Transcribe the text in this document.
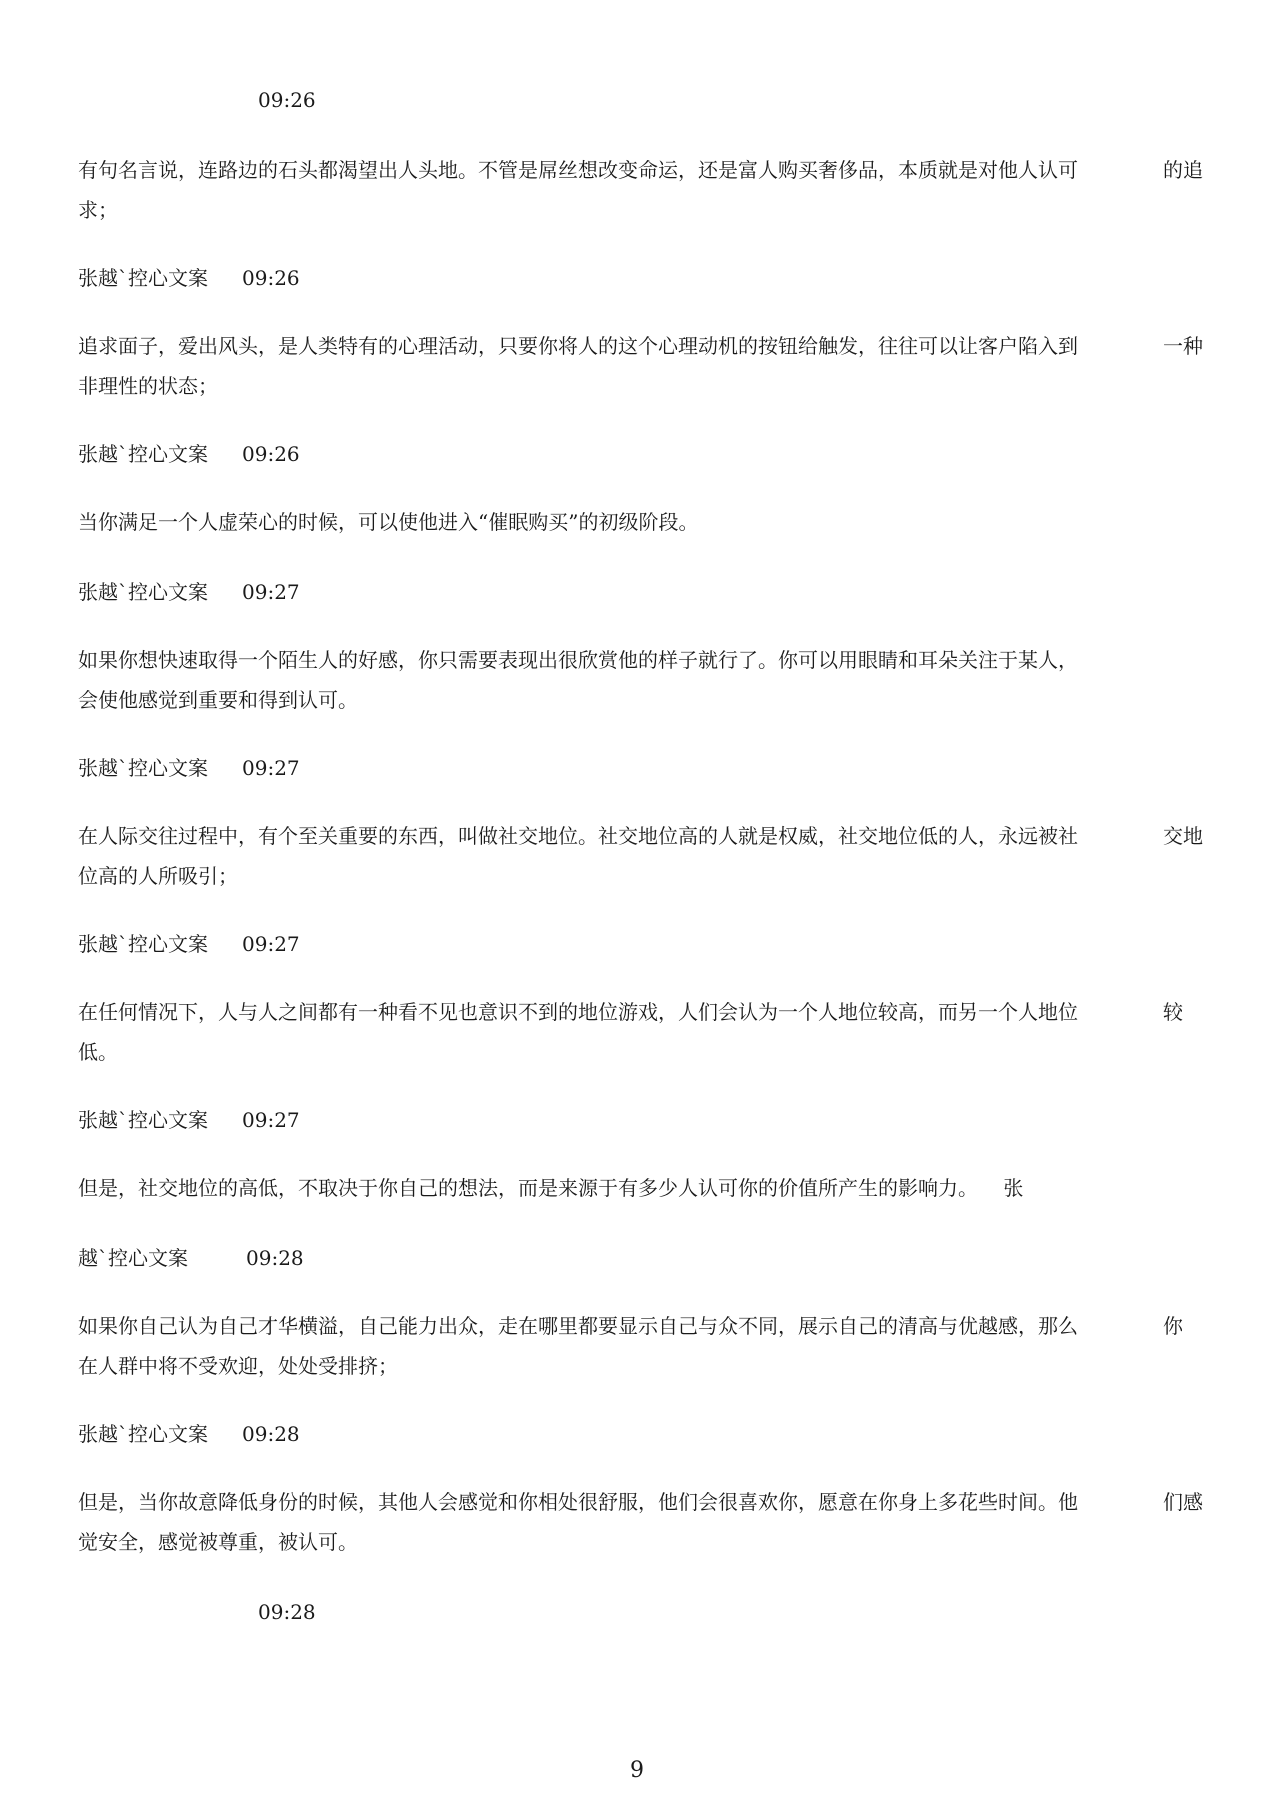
09:26
有句名言说，连路边的石头都渴望出人头地。不管是屌丝想改变命运，还是富人购买奢侈品，本质就是对他人认可	的追
求；
张越`控心文案 09:26
追求面子，爱出风头，是人类特有的心理活动，只要你将人的这个心理动机的按钮给触发，往往可以让客户陷入到	一种
非理性的状态；
张越`控心文案 09:26
当你满足一个人虚荣心的时候，可以使他进入“催眠购买”的初级阶段。
张越`控心文案 09:27
如果你想快速取得一个陌生人的好感，你只需要表现出很欣赏他的样子就行了。你可以用眼睛和耳朵关注于某人，
会使他感觉到重要和得到认可。
张越`控心文案 09:27
在人际交往过程中，有个至关重要的东西，叫做社交地位。社交地位高的人就是权威，社交地位低的人，永远被社	交地
位高的人所吸引；
张越`控心文案 09:27
在任何情况下，人与人之间都有一种看不见也意识不到的地位游戏，人们会认为一个人地位较高，而另一个人地位	较
低。
张越`控心文案 09:27
但是，社交地位的高低，不取决于你自己的想法，而是来源于有多少人认可你的价值所产生的影响力。    张
越`控心文案	09:28
如果你自己认为自己才华横溢，自己能力出众，走在哪里都要显示自己与众不同，展示自己的清高与优越感，那么	你
在人群中将不受欢迎，处处受排挤；
张越`控心文案 09:28
但是，当你故意降低身份的时候，其他人会感觉和你相处很舒服，他们会很喜欢你，愿意在你身上多花些时间。他	们感
觉安全，感觉被尊重，被认可。
09:28
9
